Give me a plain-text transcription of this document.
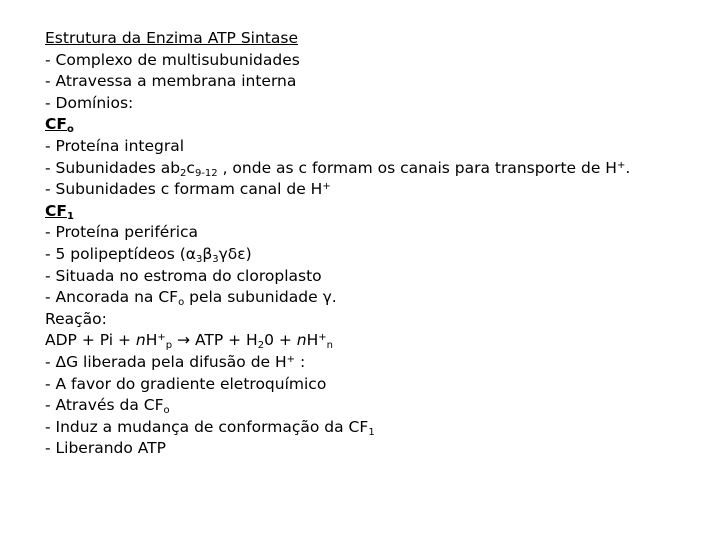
Estrutura da Enzima ATP Sintase
- Complexo de multisubunidades
- Atravessa a membrana interna
- Domínios:
$CF_o$
- Proteína integral
- Subunidades $ab_2c_{9-12}$ , onde as c formam os canais para transporte de H+.
- Subunidades c formam canal de H+
$CF_1$
- Proteína periférica
- 5 polipeptídeos $(\alpha_3\beta_3\gamma\delta\varepsilon)$
- Situada no estroma do cloroplasto
- Ancorada na $CF_o$ pela subunidade γ.
Reação:
ADP + $Pi + nH^+_p$ → ATP + $H_20 + nH^+_n$
- ΔG liberada pela difusão de H+ :
- A favor do gradiente eletroquímico
- Através da $CF_o$
- Induz a mudança de conformação da $CF_1$
- Liberando ATP
